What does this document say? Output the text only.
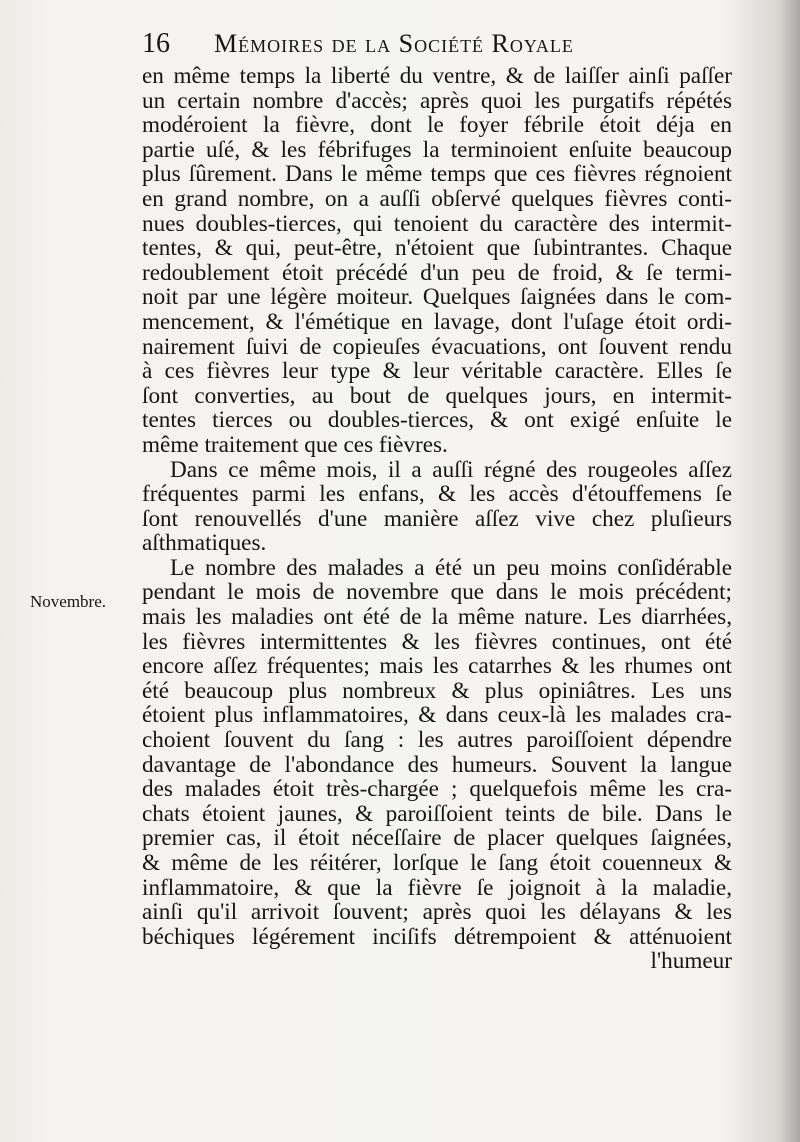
16 Mémoires de la Société Royale
Novembre.
en même temps la liberté du ventre, & de laiſſer ainſi paſſer
un certain nombre d'accès; après quoi les purgatifs répétés
modéroient la fièvre, dont le foyer fébrile étoit déja en
partie uſé, & les fébrifuges la terminoient enſuite beaucoup
plus ſûrement. Dans le même temps que ces fièvres régnoient
en grand nombre, on a auſſi obſervé quelques fièvres conti-
nues doubles-tierces, qui tenoient du caractère des intermit-
tentes, & qui, peut-être, n'étoient que ſubintrantes. Chaque
redoublement étoit précédé d'un peu de froid, & ſe termi-
noit par une légère moiteur. Quelques ſaignées dans le com-
mencement, & l'émétique en lavage, dont l'uſage étoit ordi-
nairement ſuivi de copieuſes évacuations, ont ſouvent rendu
à ces fièvres leur type & leur véritable caractère. Elles ſe
ſont converties, au bout de quelques jours, en intermit-
tentes tierces ou doubles-tierces, & ont exigé enſuite le
même traitement que ces fièvres.
Dans ce même mois, il a auſſi régné des rougeoles aſſez
fréquentes parmi les enfans, & les accès d'étouffemens ſe
ſont renouvellés d'une manière aſſez vive chez pluſieurs
aſthmatiques.
Le nombre des malades a été un peu moins conſidérable
pendant le mois de novembre que dans le mois précédent;
mais les maladies ont été de la même nature. Les diarrhées,
les fièvres intermittentes & les fièvres continues, ont été
encore aſſez fréquentes; mais les catarrhes & les rhumes ont
été beaucoup plus nombreux & plus opiniâtres. Les uns
étoient plus inflammatoires, & dans ceux-là les malades cra-
choient ſouvent du ſang : les autres paroiſſoient dépendre
davantage de l'abondance des humeurs. Souvent la langue
des malades étoit très-chargée ; quelquefois même les cra-
chats étoient jaunes, & paroiſſoient teints de bile. Dans le
premier cas, il étoit néceſſaire de placer quelques ſaignées,
& même de les réitérer, lorſque le ſang étoit couenneux &
inflammatoire, & que la fièvre ſe joignoit à la maladie,
ainſi qu'il arrivoit ſouvent; après quoi les délayans & les
béchiques légérement inciſifs détrempoient & atténuoient
l'humeur
